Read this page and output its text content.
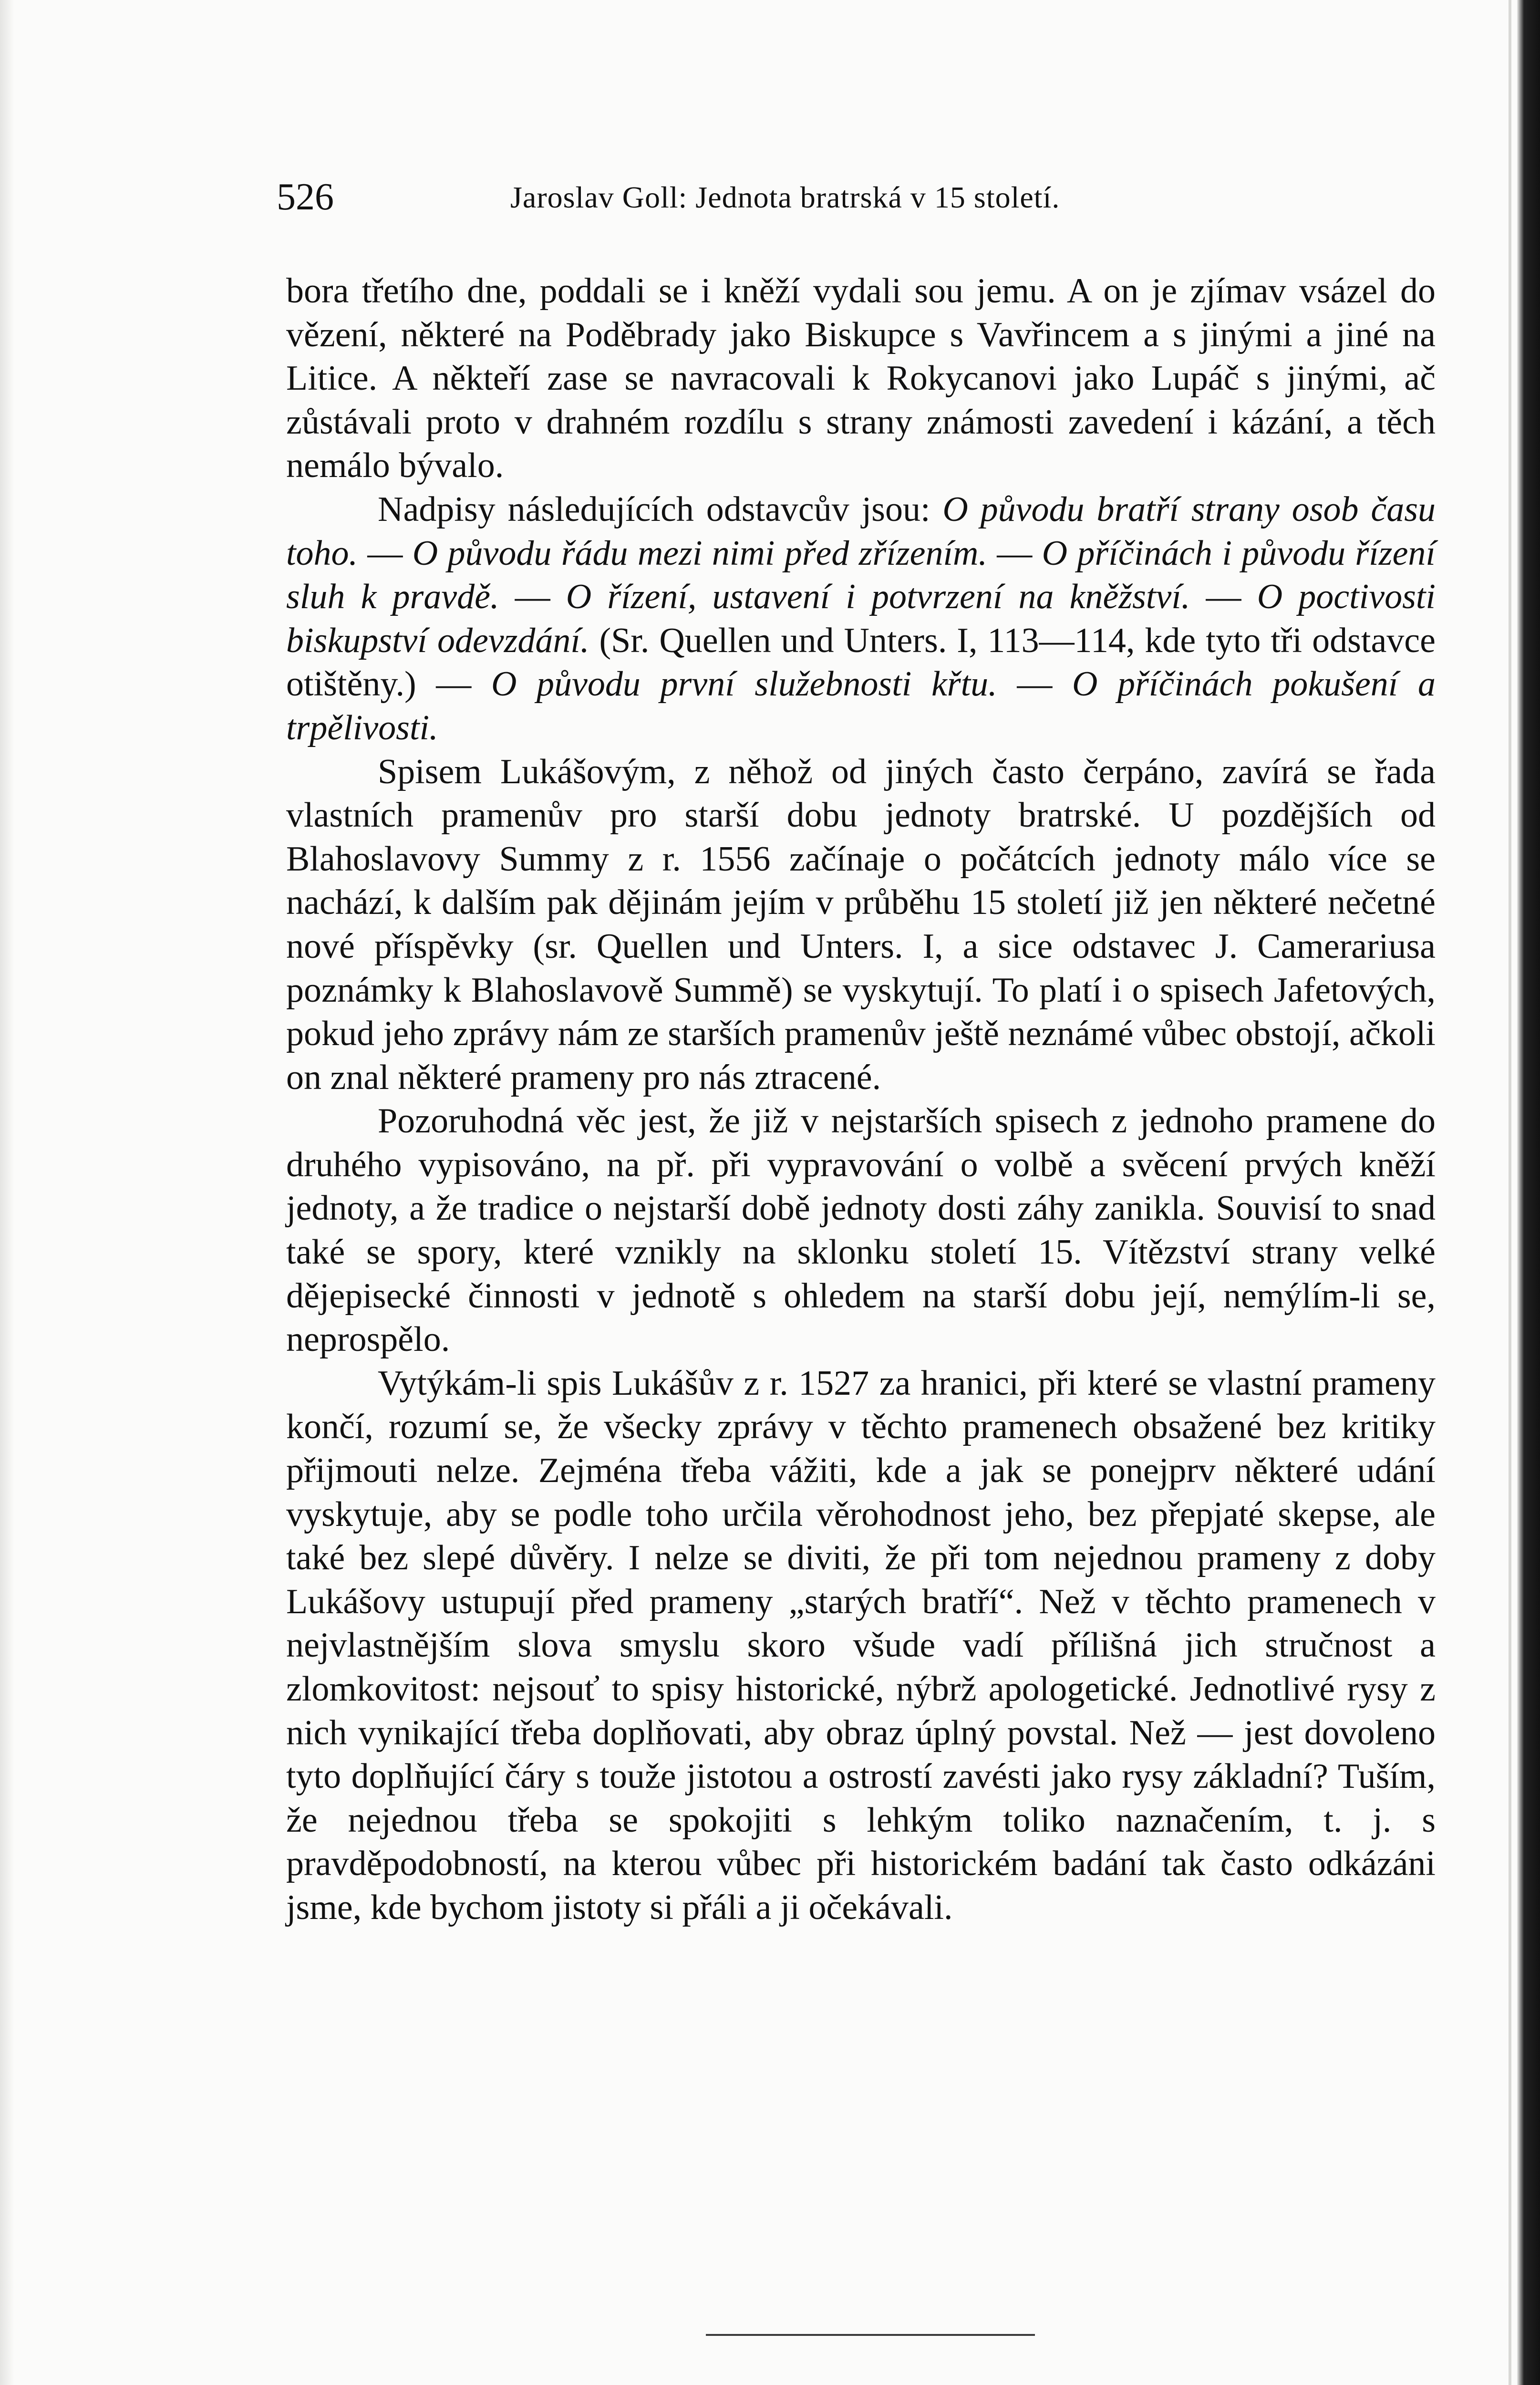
526	Jaroslav Goll: Jednota bratrská v 15 století.

bora třetího dne, poddali se i kněží vydali sou jemu. A on je zjímav vsázel do vězení, některé na Poděbrady jako Biskupce s Vavřincem a s jinými a jiné na Litice. A někteří zase se navracovali k Rokycanovi jako Lupáč s jinými, ač zůstávali proto v drahném rozdílu s strany známosti zavedení i kázání, a těch nemálo bývalo.

Nadpisy následujících odstavcův jsou: O původu bratří strany osob času toho. — O původu řádu mezi nimi před zřízením. — O příčinách i původu řízení sluh k pravdě. — O řízení, ustavení i potvrzení na kněžství. — O poctivosti biskupství odevzdání. (Sr. Quellen und Unters. I, 113—114, kde tyto tři odstavce otištěny.) — O původu první služebnosti křtu. — O příčinách pokušení a trpělivosti.

Spisem Lukášovým, z něhož od jiných často čerpáno, zavírá se řada vlastních pramenův pro starší dobu jednoty bratrské. U pozdějších od Blahoslavovy Summy z r. 1556 začínaje o počátcích jednoty málo více se nachází, k dalším pak dějinám jejím v průběhu 15 století již jen některé nečetné nové příspěvky (sr. Quellen und Unters. I, a sice odstavec J. Camerariusa poznámky k Blahoslavově Summě) se vyskytují. To platí i o spisech Jafetových, pokud jeho zprávy nám ze starších pramenův ještě neznámé vůbec obstojí, ačkoli on znal některé prameny pro nás ztracené.

Pozoruhodná věc jest, že již v nejstarších spisech z jednoho pramene do druhého vypisováno, na př. při vypravování o volbě a svěcení prvých kněží jednoty, a že tradice o nejstarší době jednoty dosti záhy zanikla. Souvisí to snad také se spory, které vznikly na sklonku století 15. Vítězství strany velké dějepisecké činnosti v jednotě s ohledem na starší dobu její, nemýlím-li se, neprospělo.

Vytýkám-li spis Lukášův z r. 1527 za hranici, při které se vlastní prameny končí, rozumí se, že všecky zprávy v těchto pramenech obsažené bez kritiky přijmouti nelze. Zejména třeba vážiti, kde a jak se ponejprv některé udání vyskytuje, aby se podle toho určila věrohodnost jeho, bez přepjaté skepse, ale také bez slepé důvěry. I nelze se diviti, že při tom nejednou prameny z doby Lukášovy ustupují před prameny „starých bratří“. Než v těchto pramenech v nejvlastnějším slova smyslu skoro všude vadí přílišná jich stručnost a zlomkovitost: nejsouť to spisy historické, nýbrž apologetické. Jednotlivé rysy z nich vynikající třeba doplňovati, aby obraz úplný povstal. Než — jest dovoleno tyto doplňující čáry s touže jistotou a ostrostí zavésti jako rysy základní? Tuším, že nejednou třeba se spokojiti s lehkým toliko naznačením, t. j. s pravděpodobností, na kterou vůbec při historickém badání tak často odkázáni jsme, kde bychom jistoty si přáli a ji očekávali.
